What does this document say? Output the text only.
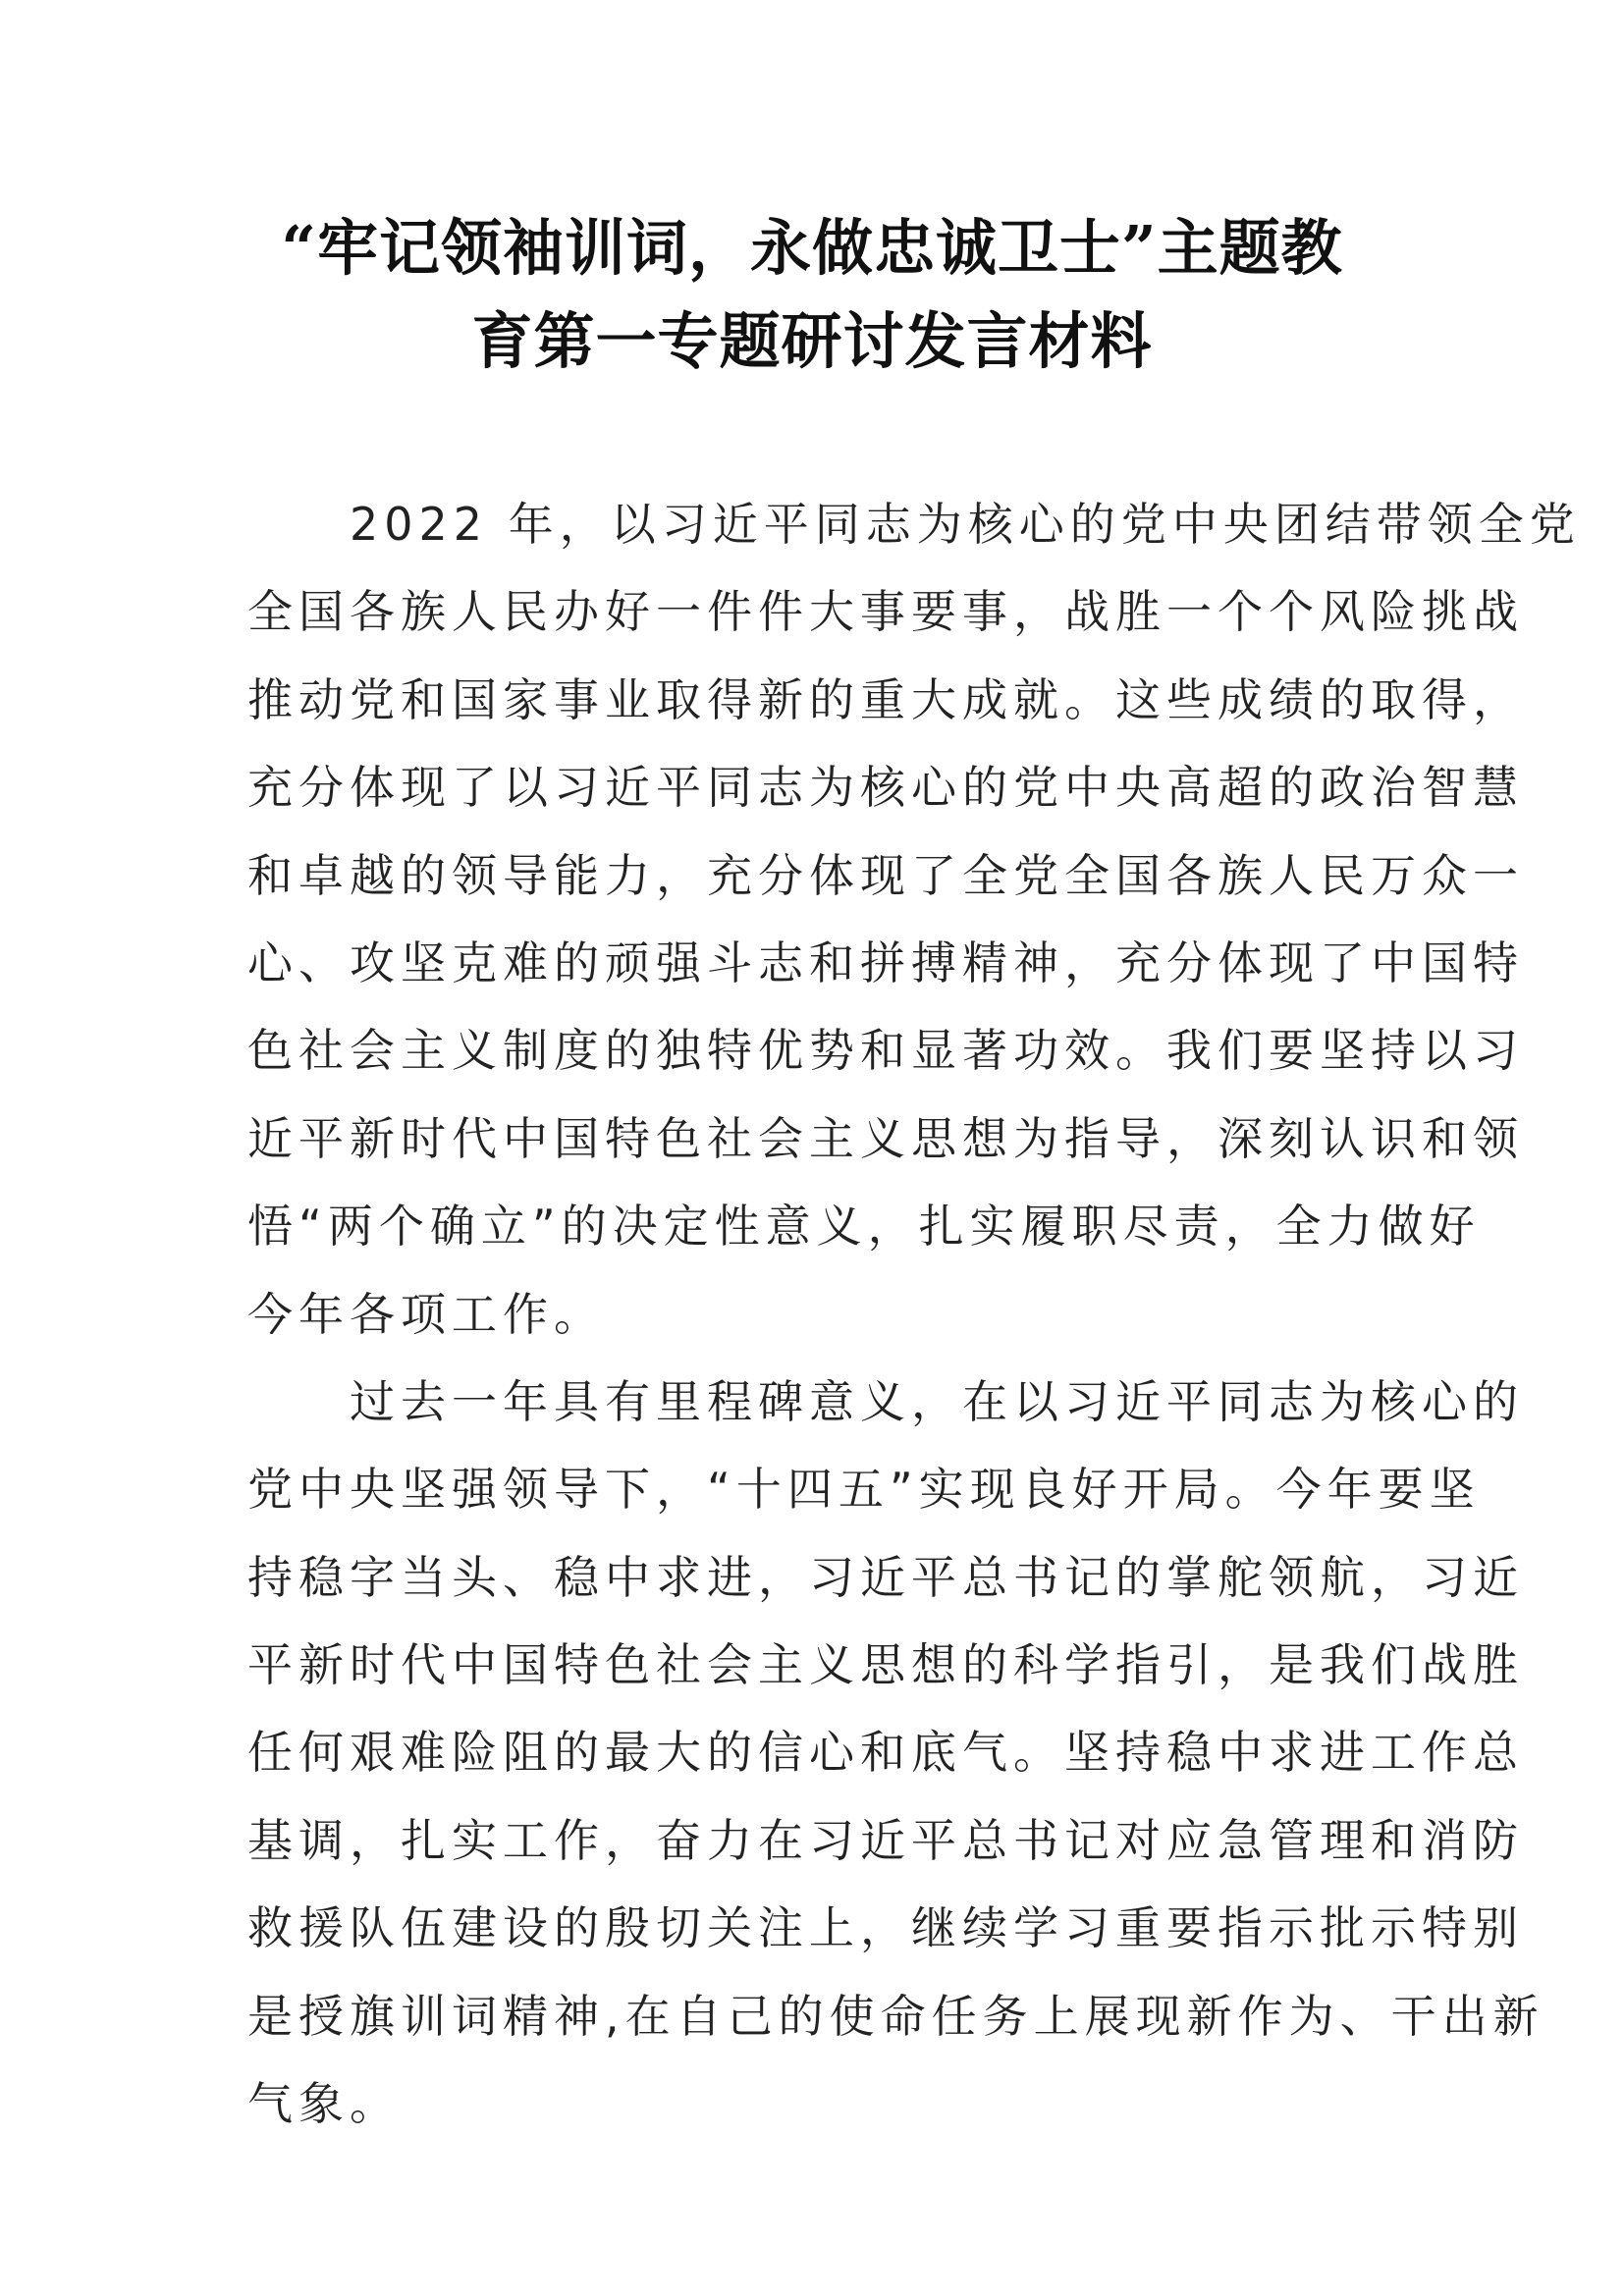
“牢记领袖训词，永做忠诚卫士”主题教
育第一专题研讨发言材料
　　2022 年，以习近平同志为核心的党中央团结带领全党
全国各族人民办好一件件大事要事，战胜一个个风险挑战
推动党和国家事业取得新的重大成就。这些成绩的取得，
充分体现了以习近平同志为核心的党中央高超的政治智慧
和卓越的领导能力，充分体现了全党全国各族人民万众一
心、攻坚克难的顽强斗志和拼搏精神，充分体现了中国特
色社会主义制度的独特优势和显著功效。我们要坚持以习
近平新时代中国特色社会主义思想为指导，深刻认识和领
悟“两个确立”的决定性意义，扎实履职尽责，全力做好
今年各项工作。
　　过去一年具有里程碑意义，在以习近平同志为核心的
党中央坚强领导下，“十四五”实现良好开局。今年要坚
持稳字当头、稳中求进，习近平总书记的掌舵领航，习近
平新时代中国特色社会主义思想的科学指引，是我们战胜
任何艰难险阻的最大的信心和底气。坚持稳中求进工作总
基调，扎实工作，奋力在习近平总书记对应急管理和消防
救援队伍建设的殷切关注上，继续学习重要指示批示特别
是授旗训词精神,在自己的使命任务上展现新作为、干出新
气象。
